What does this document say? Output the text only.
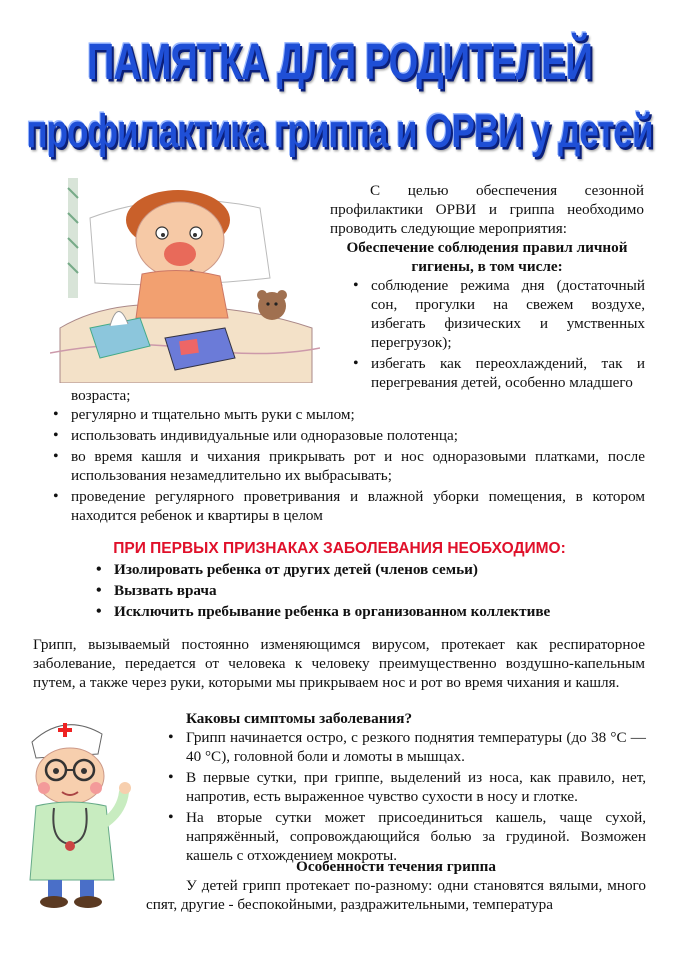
ПАМЯТКА ДЛЯ РОДИТЕЛЕЙ
профилактика гриппа и ОРВИ у детей

С целью обеспечения сезонной профилактики ОРВИ и гриппа необходимо проводить следующие мероприятия:

Обеспечение соблюдения правил личной гигиены, в том числе:

• соблюдение режима дня (достаточный сон, прогулки на свежем воздухе, избегать физических и умственных перегрузок);
• избегать как переохлаждений, так и перегревания детей, особенно младшего

возраста;

• регулярно и тщательно мыть руки с мылом;
• использовать индивидуальные или одноразовые полотенца;
• во время кашля и чихания прикрывать рот и нос одноразовыми платками, после использования незамедлительно их выбрасывать;
• проведение регулярного проветривания и влажной уборки помещения, в котором находится ребенок и квартиры в целом

ПРИ ПЕРВЫХ ПРИЗНАКАХ ЗАБОЛЕВАНИЯ НЕОБХОДИМО:

• Изолировать ребенка от других детей (членов семьи)
• Вызвать врача
• Исключить пребывание ребенка в организованном коллективе

Грипп, вызываемый постоянно изменяющимся вирусом, протекает как респираторное заболевание, передается от человека к человеку преимущественно воздушно-капельным путем, а также через руки, которыми мы прикрываем нос и рот во время чихания и кашля.

Каковы симптомы заболевания?

• Грипп начинается остро, с резкого поднятия температуры (до 38 °C — 40 °C), головной боли и ломоты в мышцах.
• В первые сутки, при гриппе, выделений из носа, как правило, нет, напротив, есть выраженное чувство сухости в носу и глотке.
• На вторые сутки может присоединиться кашель, чаще сухой, напряжённый, сопровождающийся болью за грудиной. Возможен кашель с отхождением мокроты.

Особенности течения гриппа

У детей грипп протекает по-разному: одни становятся вялыми, много спят, другие - беспокойными, раздражительными, температура
